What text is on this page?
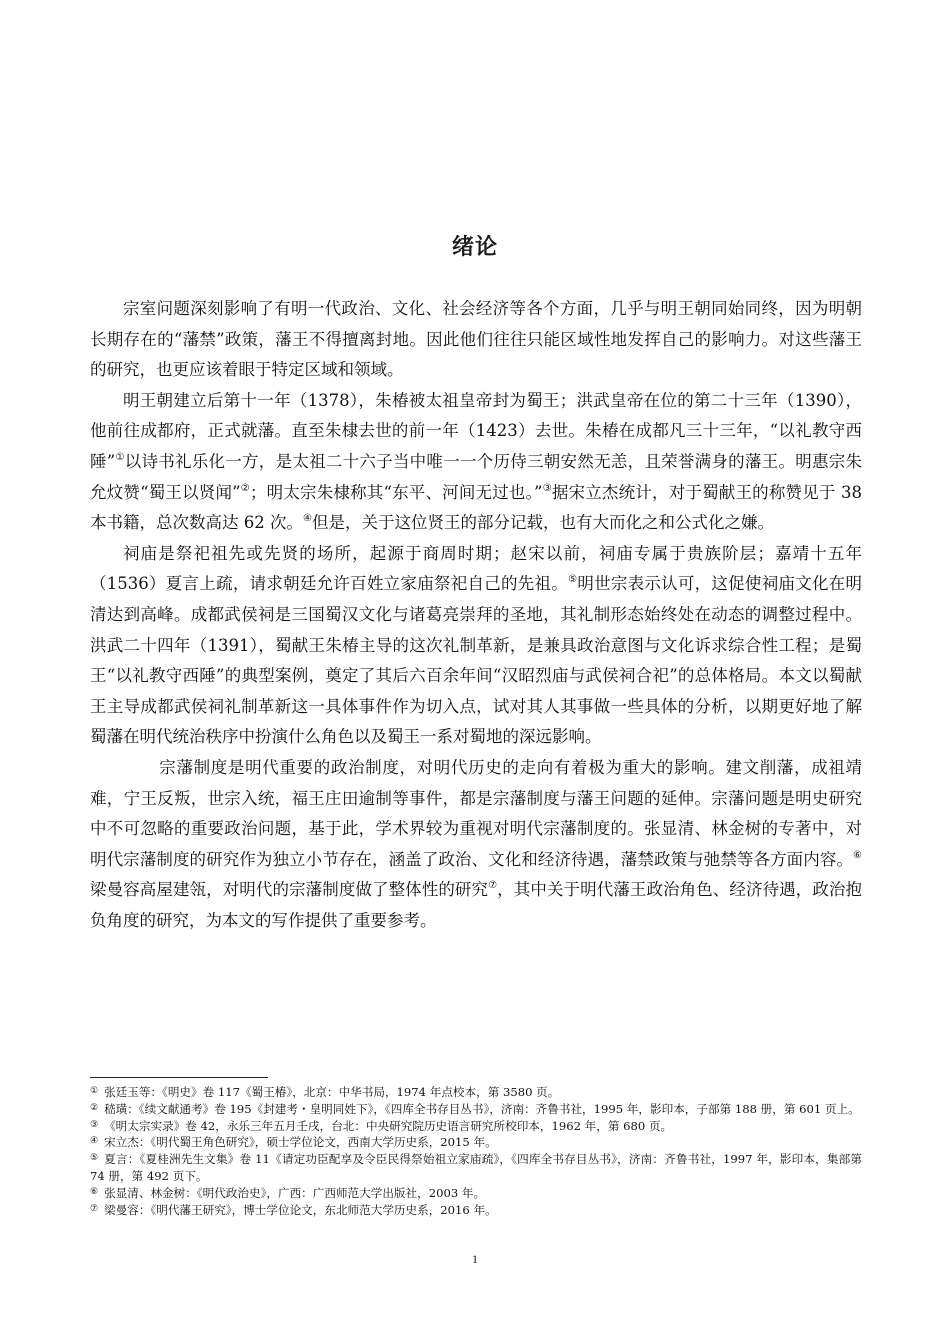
绪论

宗室问题深刻影响了有明一代政治、文化、社会经济等各个方面，几乎与明王朝同始同终，因为明朝长期存在的“藩禁”政策，藩王不得擅离封地。因此他们往往只能区域性地发挥自己的影响力。对这些藩王的研究，也更应该着眼于特定区域和领域。

明王朝建立后第十一年（1378），朱椿被太祖皇帝封为蜀王；洪武皇帝在位的第二十三年（1390），他前往成都府，正式就藩。直至朱棣去世的前一年（1423）去世。朱椿在成都凡三十三年，“以礼教守西陲”①以诗书礼乐化一方，是太祖二十六子当中唯一一个历侍三朝安然无恙，且荣誉满身的藩王。明惠宗朱允炆赞“蜀王以贤闻”②；明太宗朱棣称其“东平、河间无过也。”③据宋立杰统计，对于蜀献王的称赞见于 38 本书籍，总次数高达 62 次。④但是，关于这位贤王的部分记载，也有大而化之和公式化之嫌。

祠庙是祭祀祖先或先贤的场所，起源于商周时期；赵宋以前，祠庙专属于贵族阶层；嘉靖十五年（1536）夏言上疏，请求朝廷允许百姓立家庙祭祀自己的先祖。⑤明世宗表示认可，这促使祠庙文化在明清达到高峰。成都武侯祠是三国蜀汉文化与诸葛亮崇拜的圣地，其礼制形态始终处在动态的调整过程中。洪武二十四年（1391），蜀献王朱椿主导的这次礼制革新，是兼具政治意图与文化诉求综合性工程；是蜀王“以礼教守西陲”的典型案例，奠定了其后六百余年间“汉昭烈庙与武侯祠合祀”的总体格局。本文以蜀献王主导成都武侯祠礼制革新这一具体事件作为切入点，试对其人其事做一些具体的分析，以期更好地了解蜀藩在明代统治秩序中扮演什么角色以及蜀王一系对蜀地的深远影响。

宗藩制度是明代重要的政治制度，对明代历史的走向有着极为重大的影响。建文削藩，成祖靖难，宁王反叛，世宗入统，福王庄田逾制等事件，都是宗藩制度与藩王问题的延伸。宗藩问题是明史研究中不可忽略的重要政治问题，基于此，学术界较为重视对明代宗藩制度的。张显清、林金树的专著中，对明代宗藩制度的研究作为独立小节存在，涵盖了政治、文化和经济待遇，藩禁政策与弛禁等各方面内容。⑥梁曼容高屋建瓴，对明代的宗藩制度做了整体性的研究⑦，其中关于明代藩王政治角色、经济待遇，政治抱负角度的研究，为本文的写作提供了重要参考。

① 张廷玉等：《明史》卷 117《蜀王椿》，北京：中华书局，1974 年点校本，第 3580 页。
② 嵇璜：《续文献通考》卷 195《封建考・皇明同姓下》，《四库全书存目丛书》，济南：齐鲁书社，1995 年，影印本，子部第 188 册，第 601 页上。
③ 《明太宗实录》卷 42，永乐三年五月壬戌，台北：中央研究院历史语言研究所校印本，1962 年，第 680 页。
④ 宋立杰：《明代蜀王角色研究》，硕士学位论文，西南大学历史系，2015 年。
⑤ 夏言：《夏桂洲先生文集》卷 11《请定功臣配享及令臣民得祭始祖立家庙疏》，《四库全书存目丛书》，济南：齐鲁书社，1997 年，影印本，集部第 74 册，第 492 页下。
⑥ 张显清、林金树：《明代政治史》，广西：广西师范大学出版社，2003 年。
⑦ 梁曼容：《明代藩王研究》，博士学位论文，东北师范大学历史系，2016 年。
1
